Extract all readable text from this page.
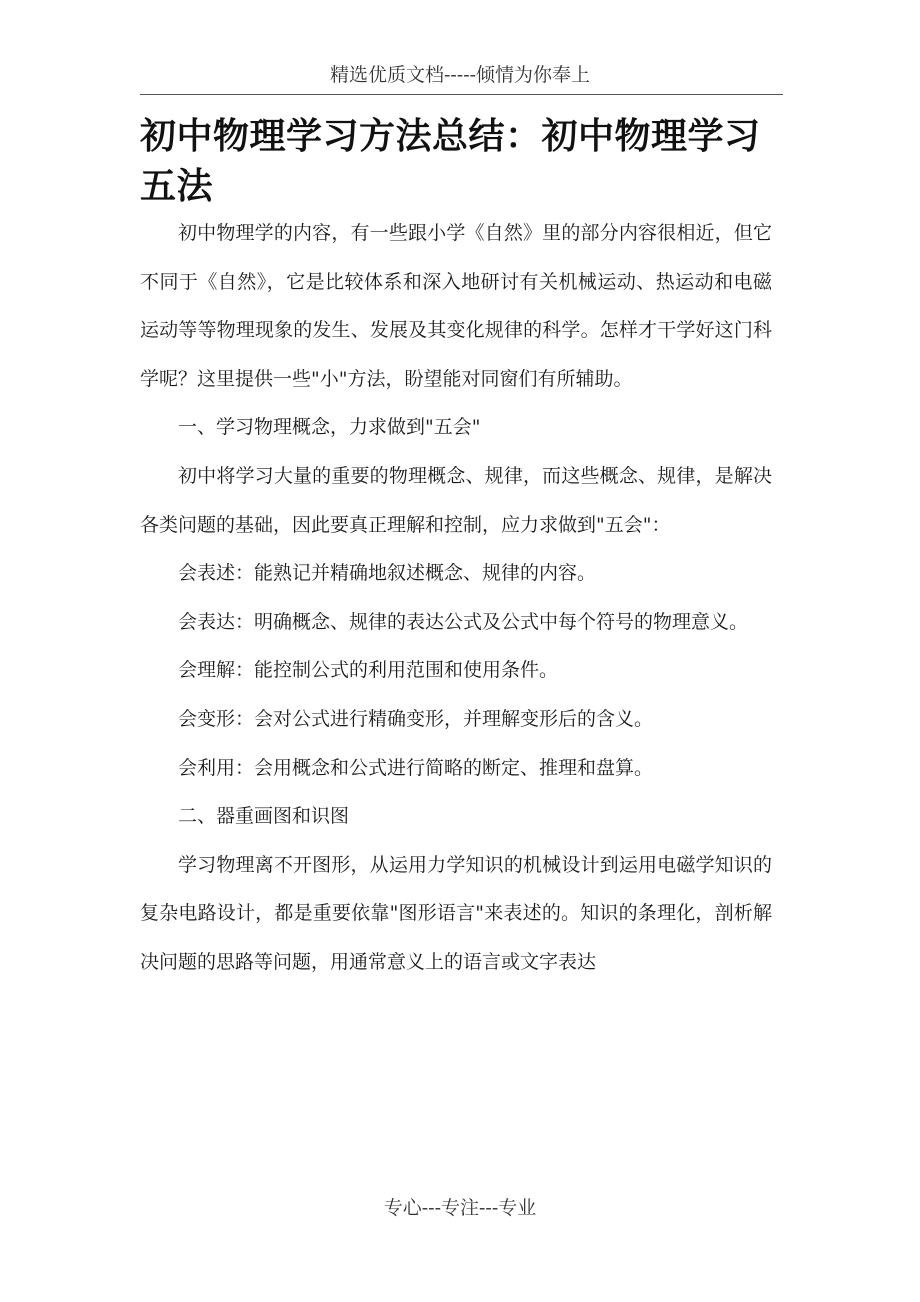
精选优质文档-----倾情为你奉上
初中物理学习方法总结：初中物理学习五法

初中物理学的内容，有一些跟小学《自然》里的部分内容很相近，但它不同于《自然》，它是比较体系和深入地研讨有关机械运动、热运动和电磁运动等等物理现象的发生、发展及其变化规律的科学。怎样才干学好这门科学呢？这里提供一些"小"方法，盼望能对同窗们有所辅助。

一、学习物理概念，力求做到"五会"

初中将学习大量的重要的物理概念、规律，而这些概念、规律，是解决各类问题的基础，因此要真正理解和控制，应力求做到"五会"：

会表述：能熟记并精确地叙述概念、规律的内容。

会表达：明确概念、规律的表达公式及公式中每个符号的物理意义。

会理解：能控制公式的利用范围和使用条件。

会变形：会对公式进行精确变形，并理解变形后的含义。

会利用：会用概念和公式进行简略的断定、推理和盘算。

二、器重画图和识图

学习物理离不开图形，从运用力学知识的机械设计到运用电磁学知识的复杂电路设计，都是重要依靠"图形语言"来表述的。知识的条理化，剖析解决问题的思路等问题，用通常意义上的语言或文字表达

专心---专注---专业
